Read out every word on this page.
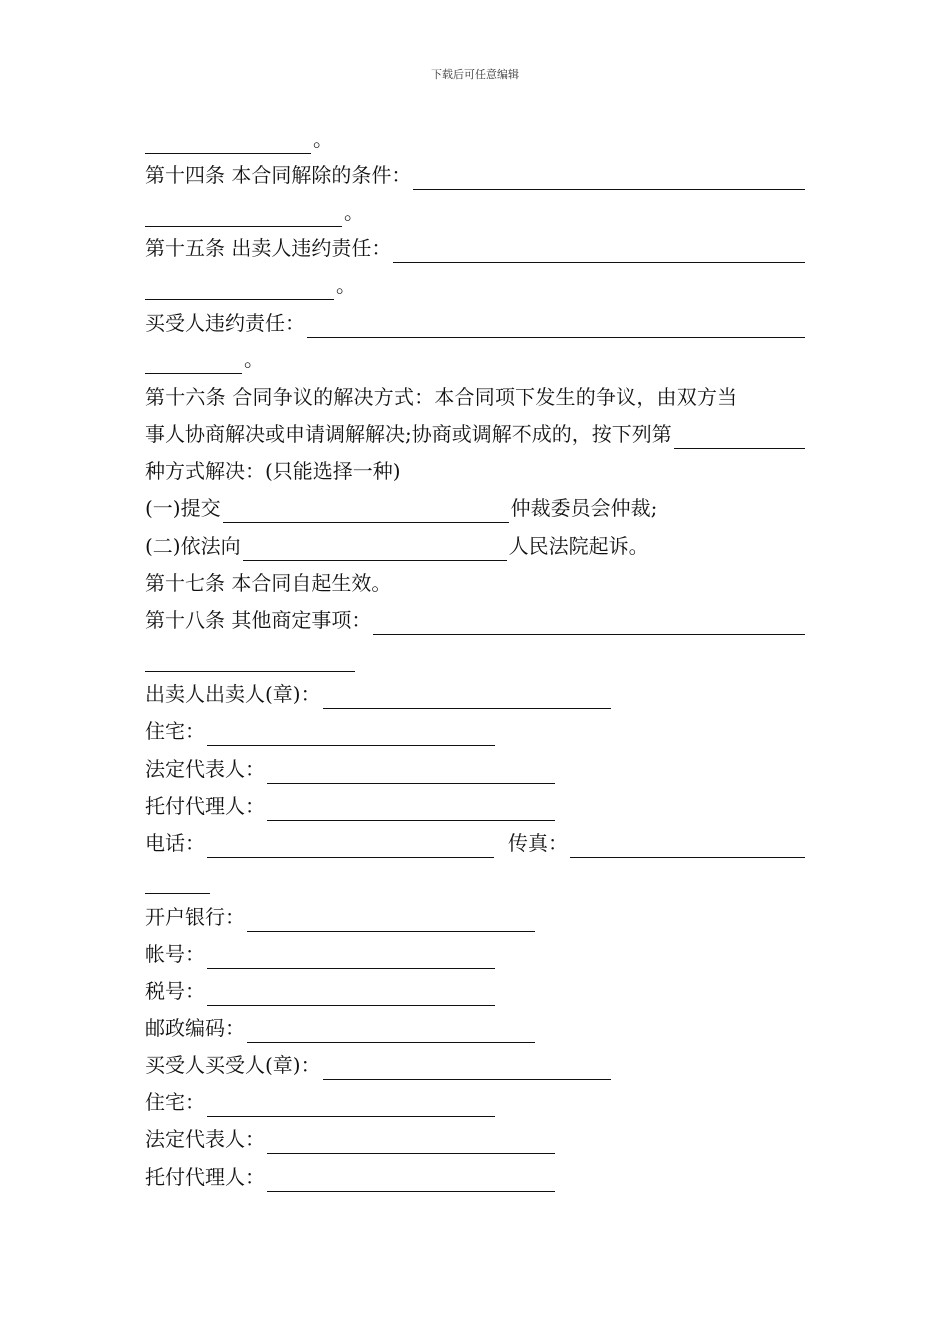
下载后可任意编辑
。
第十四条 本合同解除的条件：
。
第十五条 出卖人违约责任：
。
买受人违约责任：
。
第十六条 合同争议的解决方式：本合同项下发生的争议，由双方当
事人协商解决或申请调解解决;协商或调解不成的，按下列第
种方式解决：(只能选择一种)
(一)提交	仲裁委员会仲裁;
(二)依法向	人民法院起诉。
第十七条 本合同自起生效。
第十八条 其他商定事项：
出卖人出卖人(章)：
住宅：
法定代表人：
托付代理人：
电话：	传真：
开户银行：
帐号：
税号：
邮政编码：
买受人买受人(章)：
住宅：
法定代表人：
托付代理人：
